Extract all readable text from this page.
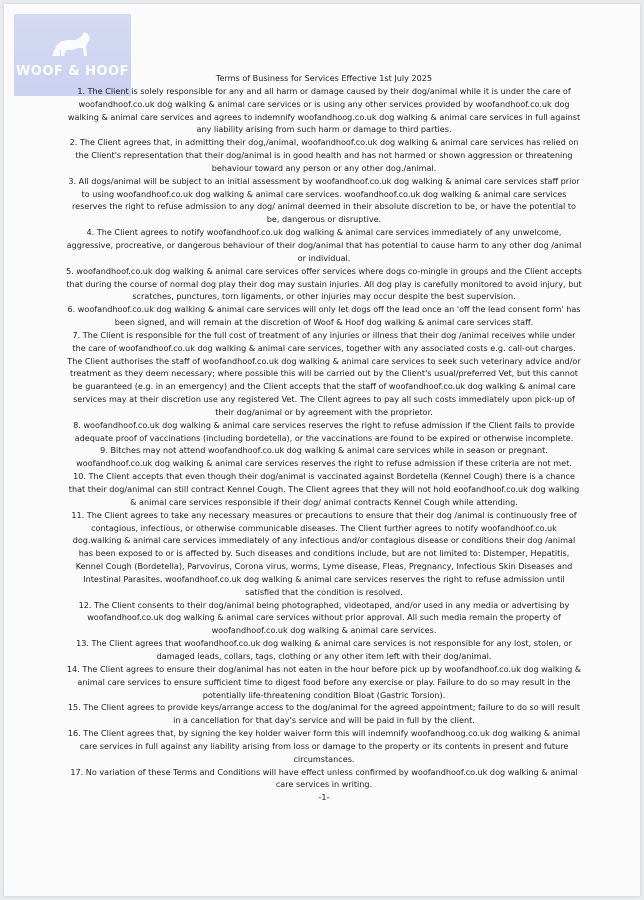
WOOF & HOOF	Terms of Business for Services Effective 1st July 2025

1. The Client is solely responsible for any and all harm or damage caused by their dog/animal while it is under the care of woofandhoof.co.uk dog walking & animal care services or is using any other services provided by woofandhoof.co.uk dog walking & animal care services and agrees to indemnify woofandhoog.co.uk dog walking & animal care services in full against any liability arising from such harm or damage to third parties.

2. The Client agrees that, in admitting their dog,/animal, woofandhoof.co.uk dog walking & animal care services has relied on the Client's representation that their dog/animal is in good health and has not harmed or shown aggression or threatening behaviour toward any person or any other dog./animal.

3. All dogs/animal will be subject to an initial assessment by woofandhoof.co.uk dog walking & animal care services staff prior to using woofandhoof.co.uk dog walking & animal care services. woofandhoof.co.uk dog walking & animal care services reserves the right to refuse admission to any dog/ animal deemed in their absolute discretion to be, or have the potential to be, dangerous or disruptive.

4. The Client agrees to notify woofandhoof.co.uk dog walking & animal care services immediately of any unwelcome, aggressive, procreative, or dangerous behaviour of their dog/animal that has potential to cause harm to any other dog /animal or individual.

5. woofandhoof.co.uk dog walking & animal care services offer services where dogs co-mingle in groups and the Client accepts that during the course of normal dog play their dog may sustain injuries. All dog play is carefully monitored to avoid injury, but scratches, punctures, torn ligaments, or other injuries may occur despite the best supervision.

6. woofandhoof.co.uk dog walking & animal care services will only let dogs off the lead once an 'off the lead consent form' has been signed, and will remain at the discretion of Woof & Hoof dog walking & animal care services staff.

7. The Client is responsible for the full cost of treatment of any injuries or illness that their dog /animal receives while under the care of woofandhoof.co.uk dog walking & animal care services, together with any associated costs e.g. call-out charges. The Client authorises the staff of woofandhoof.co.uk dog walking & animal care services to seek such veterinary advice and/or treatment as they deem necessary; where possible this will be carried out by the Client's usual/preferred Vet, but this cannot be guaranteed (e.g. in an emergency) and the Client accepts that the staff of woofandhoof.co.uk dog walking & animal care services may at their discretion use any registered Vet. The Client agrees to pay all such costs immediately upon pick-up of their dog/animal or by agreement with the proprietor.

8. woofandhoof.co.uk dog walking & animal care services reserves the right to refuse admission if the Client fails to provide adequate proof of vaccinations (including bordetella), or the vaccinations are found to be expired or otherwise incomplete.

9. Bitches may not attend woofandhoof.co.uk dog walking & animal care services while in season or pregnant. woofandhoof.co.uk dog walking & animal care services reserves the right to refuse admission if these criteria are not met.

10. The Client accepts that even though their dog/animal is vaccinated against Bordetella (Kennel Cough) there is a chance that their dog/animal can still contract Kennel Cough. The Client agrees that they will not hold eoofandhoof.co.uk dog walking & animal care services responsible if their dog/ animal contracts Kennel Cough while attending.

11. The Client agrees to take any necessary measures or precautions to ensure that their dog /animal is continuously free of contagious, infectious, or otherwise communicable diseases. The Client further agrees to notify woofandhoof.co.uk dog.walking & animal care services immediately of any infectious and/or contagious disease or conditions their dog /animal has been exposed to or is affected by. Such diseases and conditions include, but are not limited to: Distemper, Hepatitis, Kennel Cough (Bordetella), Parvovirus, Corona virus, worms, Lyme disease, Fleas, Pregnancy, Infectious Skin Diseases and Intestinal Parasites. woofandhoof.co.uk dog walking & animal care services reserves the right to refuse admission until satisfied that the condition is resolved.

12. The Client consents to their dog/animal being photographed, videotaped, and/or used in any media or advertising by woofandhoof.co.uk dog walking & animal care services without prior approval. All such media remain the property of woofandhoof.co.uk dog walking & animal care services.

13. The Client agrees that woofandhoof.co.uk dog walking & animal care services is not responsible for any lost, stolen, or damaged leads, collars, tags, clothing or any other item left with their dog/animal.

14. The Client agrees to ensure their dog/animal has not eaten in the hour before pick up by woofandhoof.co.uk dog walking & animal care services to ensure sufficient time to digest food before any exercise or play. Failure to do so may result in the potentially life-threatening condition Bloat (Gastric Torsion).

15. The Client agrees to provide keys/arrange access to the dog/animal for the agreed appointment; failure to do so will result in a cancellation for that day's service and will be paid in full by the client.

16. The Client agrees that, by signing the key holder waiver form this will indemnify woofandhoog.co.uk dog walking & animal care services in full against any liability arising from loss or damage to the property or its contents in present and future circumstances.

17. No variation of these Terms and Conditions will have effect unless confirmed by woofandhoof.co.uk dog walking & animal care services in writing.

-1-
